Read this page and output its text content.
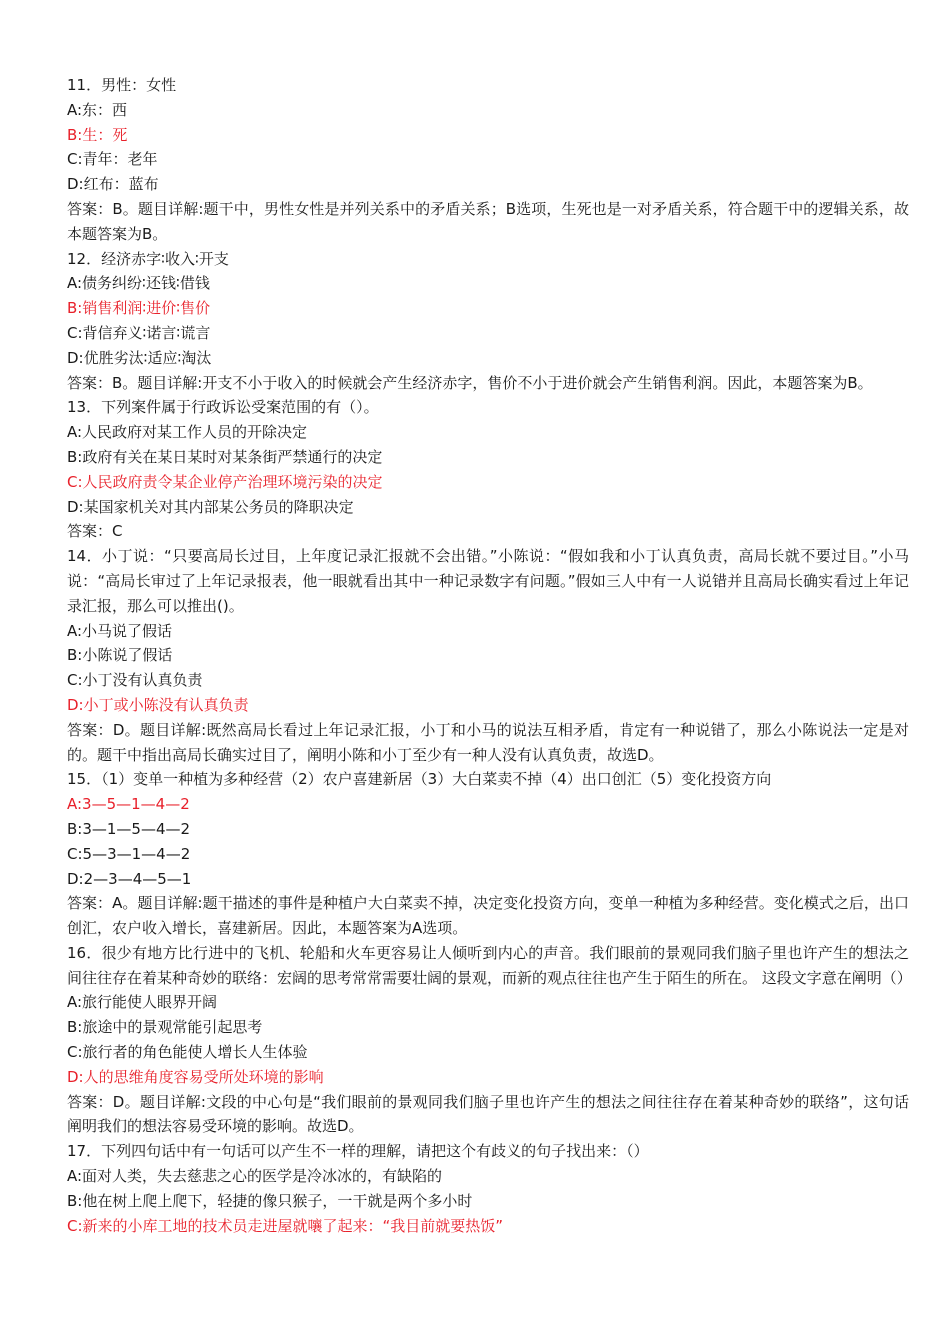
11．男性：女性
A:东：西
B:生：死
C:青年：老年
D:红布：蓝布
答案：B。题目详解:题干中，男性女性是并列关系中的矛盾关系；B选项，生死也是一对矛盾关系，符合题干中的逻辑关系，故本题答案为B。
12．经济赤字∶收入∶开支
A:债务纠纷∶还钱∶借钱
B:销售利润∶进价∶售价
C:背信弃义∶诺言∶谎言
D:优胜劣汰∶适应∶淘汰
答案：B。题目详解:开支不小于收入的时候就会产生经济赤字，售价不小于进价就会产生销售利润。因此，本题答案为B。
13．下列案件属于行政诉讼受案范围的有（）。
A:人民政府对某工作人员的开除决定
B:政府有关在某日某时对某条街严禁通行的决定
C:人民政府责令某企业停产治理环境污染的决定
D:某国家机关对其内部某公务员的降职决定
答案：C
14．小丁说：“只要高局长过目，上年度记录汇报就不会出错。”小陈说：“假如我和小丁认真负责，高局长就不要过目。”小马说：“高局长审过了上年记录报表，他一眼就看出其中一种记录数字有问题。”假如三人中有一人说错并且高局长确实看过上年记录汇报，那么可以推出()。
A:小马说了假话
B:小陈说了假话
C:小丁没有认真负责
D:小丁或小陈没有认真负责
答案：D。题目详解:既然高局长看过上年记录汇报，小丁和小马的说法互相矛盾，肯定有一种说错了，那么小陈说法一定是对的。题干中指出高局长确实过目了，阐明小陈和小丁至少有一种人没有认真负责，故选D。
15．（1）变单一种植为多种经营（2）农户喜建新居（3）大白菜卖不掉（4）出口创汇（5）变化投资方向
A:3—5—1—4—2
B:3—1—5—4—2
C:5—3—1—4—2
D:2—3—4—5—1
答案：A。题目详解:题干描述的事件是种植户大白菜卖不掉，决定变化投资方向，变单一种植为多种经营。变化模式之后，出口创汇，农户收入增长，喜建新居。因此，本题答案为A选项。
16．很少有地方比行进中的飞机、轮船和火车更容易让人倾听到内心的声音。我们眼前的景观同我们脑子里也许产生的想法之间往往存在着某种奇妙的联络：宏阔的思考常常需要壮阔的景观，而新的观点往往也产生于陌生的所在。 这段文字意在阐明（）
A:旅行能使人眼界开阔
B:旅途中的景观常能引起思考
C:旅行者的角色能使人增长人生体验
D:人的思维角度容易受所处环境的影响
答案：D。题目详解:文段的中心句是“我们眼前的景观同我们脑子里也许产生的想法之间往往存在着某种奇妙的联络”，这句话阐明我们的想法容易受环境的影响。故选D。
17．下列四句话中有一句话可以产生不一样的理解，请把这个有歧义的句子找出来：（）
A:面对人类，失去慈悲之心的医学是冷冰冰的，有缺陷的
B:他在树上爬上爬下，轻捷的像只猴子，一干就是两个多小时
C:新来的小库工地的技术员走进屋就嚷了起来：“我目前就要热饭”
